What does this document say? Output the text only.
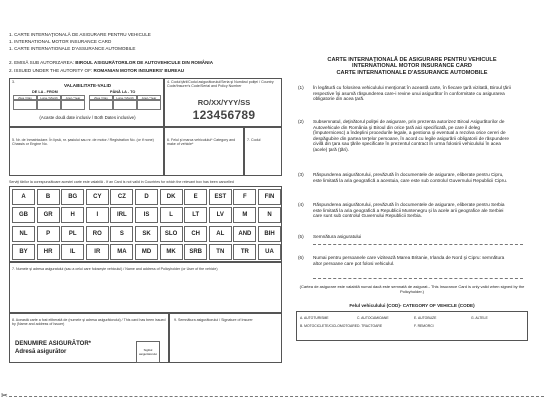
1. CARTE INTERNAŢIONALĂ DE ASIGURARE PENTRU VEHICULE
1. INTERNATIONAL MOTOR INSURANCE CARD
1. CARTE INTERNATIONALE D'ASSURANCE AUTOMOBILE
2. EMISĂ SUB AUTORIZAREA: BIROUL ASIGURĂTORILOR DE AUTOVEHICULE DIN ROMÂNIA
2. ISSUED UNDER THE AUTORITY OF: ROMANIAN MOTOR INSURERS' BUREAU
3.
VALABILITATE-VALID
DE LA - FROM	PÂNĂ LA - TO
Ziua / Day	Luna / Month	Anul / Year	Ziua / Day	Luna / Month	Anul / Year
(Acaste două date inclusiv / Both Dates inclusive)
4. Codul ţării/Codul asigurătorului/Seria şi Numărul poliţei / Country Code/Insurer's Code/Serial and Policy Number
RO/XX/YYY/SS
123456789
5. Nr. de înmatriculare. În lipsă, nr. şasiului sau nr. de motor / Registration No. (or if none) Chassis or Engine No.
6. Felul şi marca vehiculului* Category and make of vehicle*
7. Codul
Serviţi tărilor la corespunzătoare acestei carte este valabilă - If an Card is not valid in Countries for which the relevant box has been cancelled
A	B	BG	CY	CZ	D	DK	E	EST	F	FIN
GB	GR	H	I	IRL	IS	L	LT	LV	M	N
NL	P	PL	RO	S	SK	SLO	CH	AL	AND	BIH
BY	HR	IL	IR	MA	MD	MK	SRB	TN	TR	UA
7. Numele şi adresa asiguratului (sau a celui care foloseşte vehiculul) / Name and address of Policyholder (or User of the vehicle)
8. Această carte a fost eliberată de (numele şi adresa asigurătorului) / This card has been issued by (Name and address of Issuer)
DENUMIRE ASIGURĂTOR*
Adresă asigurător	Sigiliul asigurătorului
9. Semnătura asigurătorului / Signature of Insurer
CARTE INTERNAŢIONALĂ DE ASIGURARE PENTRU VEHICULE
INTERNATIONAL MOTOR INSURANCE CARD
CARTE INTERNATIONALE D'ASSURANCE AUTOMOBILE
(1) În legătură cu folosirea vehiculului menţionat în această carte, în fiecare ţară vizitată, Biroul ţării respective îşi asumă răspunderea care-i revine unui asigurător în conformitate cu asigurarea obligatorie din acea ţară.
(2) Subsemnatul, deţinătorul poliţei de asigurare, prin prezenta autorizez Biroul Asigurătorilor de Autovehicule din România şi Biroul din orice ţară aici specificată, pe care il deleg (împuternicesc) a îndeplini procedurile legale, a gestiona şi eventual a rezolva orice cereri de despăgubire din partea terţelor persoane, în acord cu legile asigurării obligatorii de răspundere civilă din ţara sau ţările specificate în prezentul contract în urma folosirii vehiculului în acea (acele) ţară (ţări).
(3) Răspunderea asigurătorului, prevăzută în documentele de asigurare, eliberate pentru Cipru, este limitată la aria geografică a acestuia, care este sub controlul Guvernului Republicii Cipru.
(4) Răspunderea asigurătorului, prevăzută în documentele de asigurare, eliberate pentru Serbia este limitată la aria geografică a Republicii Muntenegru şi la acele arii geografice ale Serbiei care sunt sub controlul Guvernului Republicii Serbia.
(5) Semnătura asiguratului
(6) Numai pentru persoanele care vizitează Marea Britanie, Irlanda de Nord şi Cipru: semnătura altor persoane care pot folosi vehiculul.
(Cartea de asigurare este valabilă numai dacă este semnată de asigurat.- This Insurance Card is only valid when signed by the Policyholder.)
Felul vehiculului (COD)- CATEGORY OF VEHICLE (CODE)
A. AUTOTURISME	C. AUTOCAMIOANE	E. AUTOBUZE	G. ALTELE
B. MOTOCICLETE/CICLOMOTOARE D. TRACTOARE	F. REMORCI
✂
